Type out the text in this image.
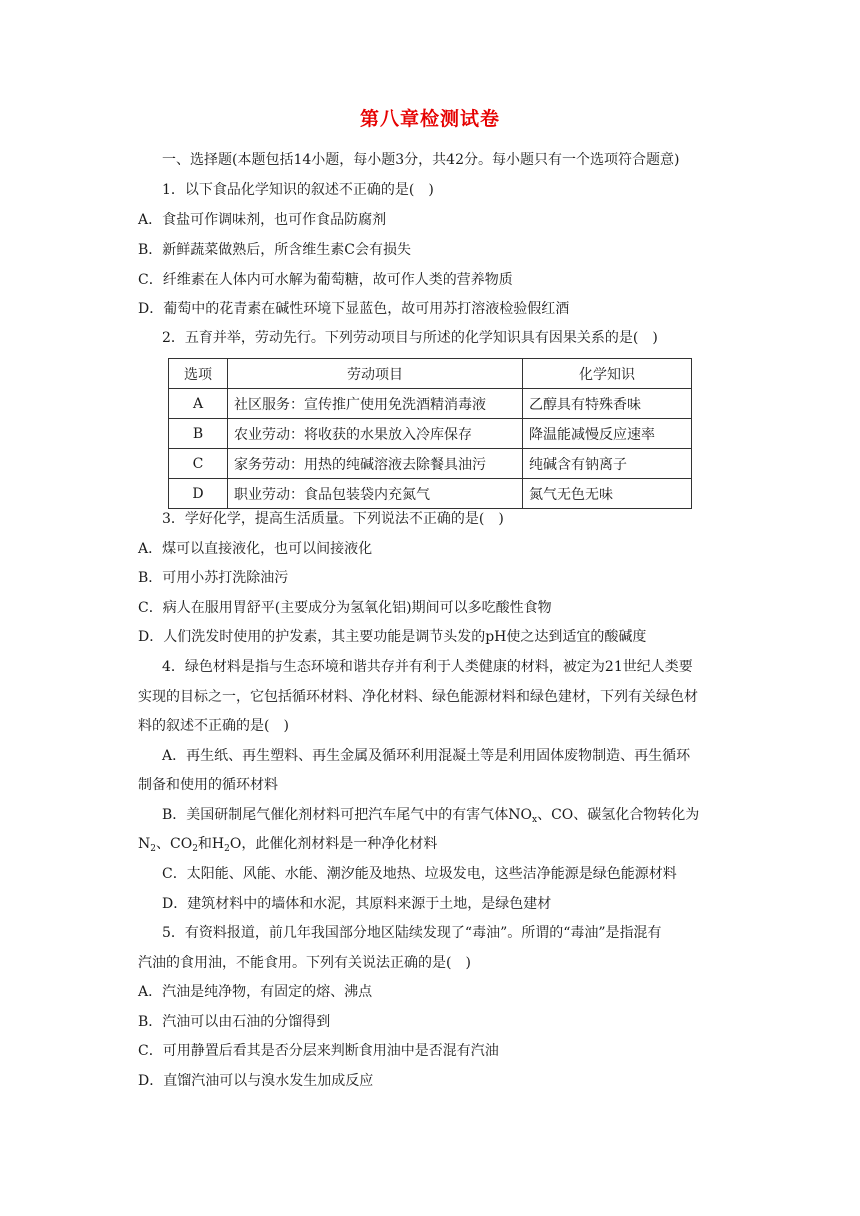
第八章检测试卷
一、选择题(本题包括14小题，每小题3分，共42分。每小题只有一个选项符合题意)
1．以下食品化学知识的叙述不正确的是(　)
A．食盐可作调味剂，也可作食品防腐剂
B．新鲜蔬菜做熟后，所含维生素C会有损失
C．纤维素在人体内可水解为葡萄糖，故可作人类的营养物质
D．葡萄中的花青素在碱性环境下显蓝色，故可用苏打溶液检验假红酒
2．五育并举，劳动先行。下列劳动项目与所述的化学知识具有因果关系的是(　)
选项	劳动项目	化学知识
A	社区服务：宣传推广使用免洗酒精消毒液	乙醇具有特殊香味
B	农业劳动：将收获的水果放入冷库保存	降温能减慢反应速率
C	家务劳动：用热的纯碱溶液去除餐具油污	纯碱含有钠离子
D	职业劳动：食品包装袋内充氮气	氮气无色无味
3．学好化学，提高生活质量。下列说法不正确的是(　)
A．煤可以直接液化，也可以间接液化
B．可用小苏打洗除油污
C．病人在服用胃舒平(主要成分为氢氧化铝)期间可以多吃酸性食物
D．人们洗发时使用的护发素，其主要功能是调节头发的pH使之达到适宜的酸碱度
4．绿色材料是指与生态环境和谐共存并有利于人类健康的材料，被定为21世纪人类要
实现的目标之一，它包括循环材料、净化材料、绿色能源材料和绿色建材，下列有关绿色材
料的叙述不正确的是(　)
A．再生纸、再生塑料、再生金属及循环利用混凝土等是利用固体废物制造、再生循环
制备和使用的循环材料
B．美国研制尾气催化剂材料可把汽车尾气中的有害气体$NO_x$、CO、碳氢化合物转化为
$N_2$、$CO_2$和$H_2O$，此催化剂材料是一种净化材料
C．太阳能、风能、水能、潮汐能及地热、垃圾发电，这些洁净能源是绿色能源材料
D．建筑材料中的墙体和水泥，其原料来源于土地，是绿色建材
5．有资料报道，前几年我国部分地区陆续发现了“毒油”。所谓的“毒油”是指混有
汽油的食用油，不能食用。下列有关说法正确的是(　)
A．汽油是纯净物，有固定的熔、沸点
B．汽油可以由石油的分馏得到
C．可用静置后看其是否分层来判断食用油中是否混有汽油
D．直馏汽油可以与溴水发生加成反应
